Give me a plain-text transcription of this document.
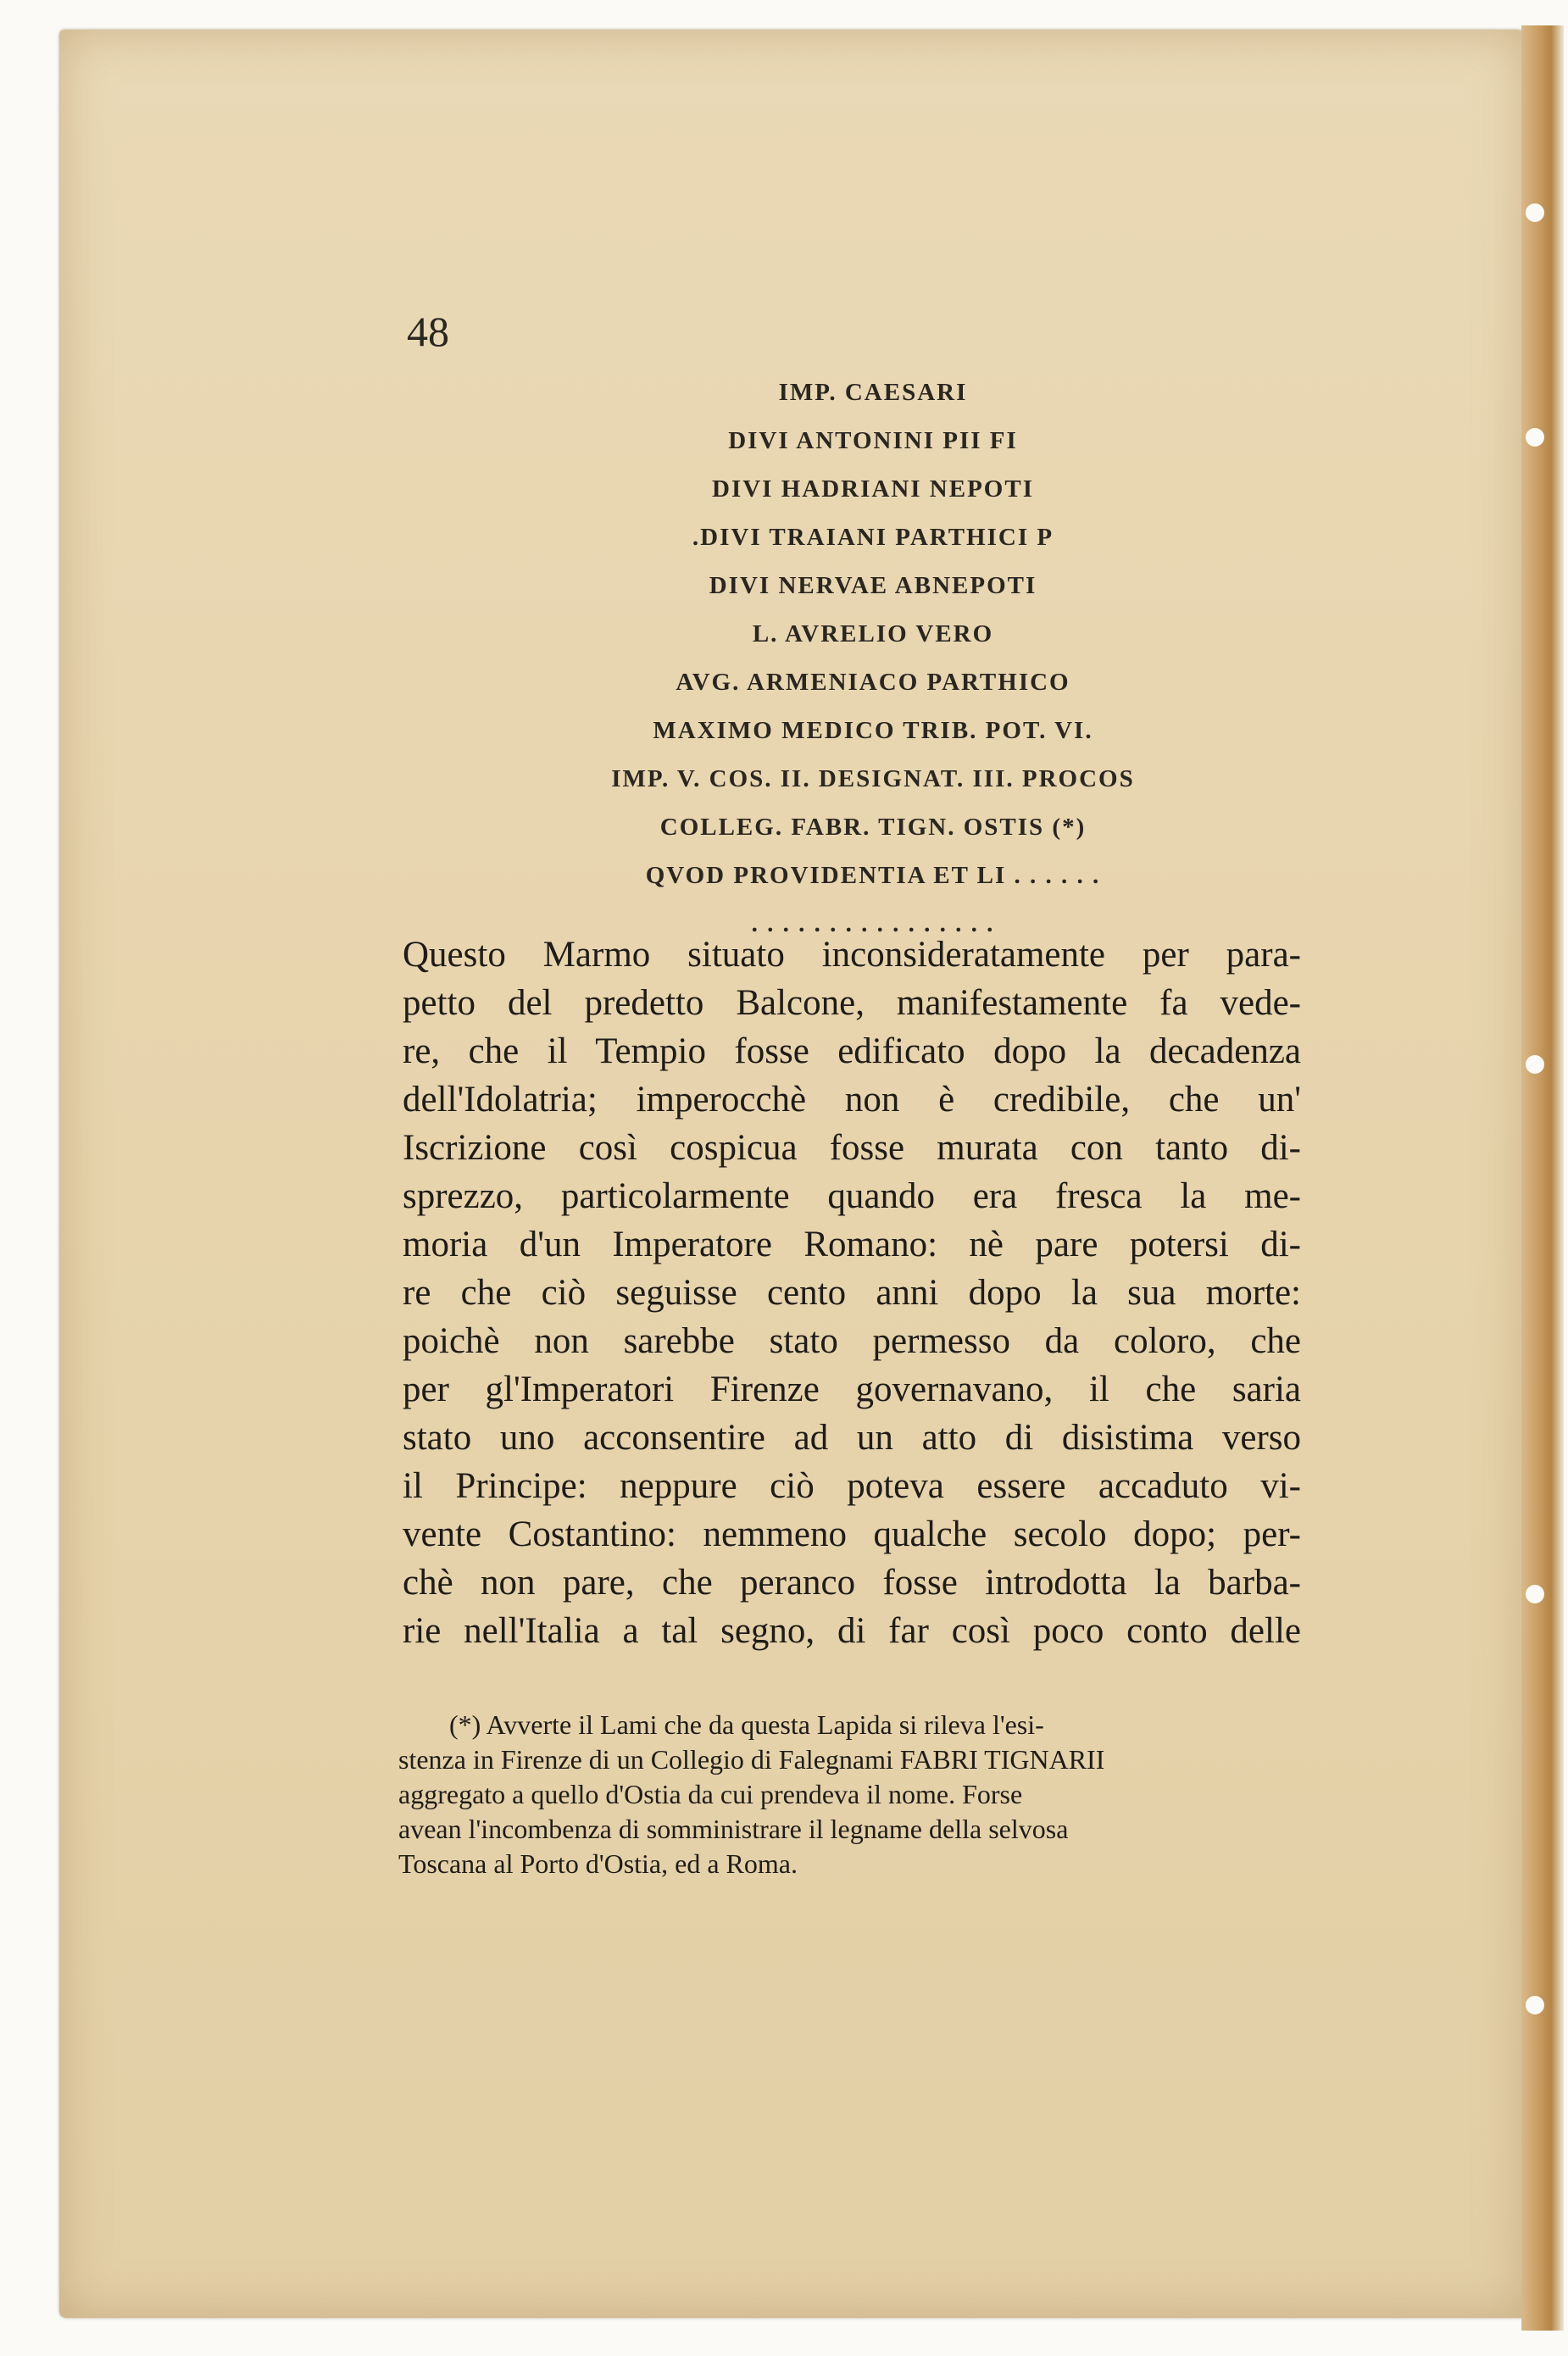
48
IMP. CAESARI
DIVI ANTONINI PII FI
DIVI HADRIANI NEPOTI
.DIVI TRAIANI PARTHICI P
DIVI NERVAE ABNEPOTI
L. AVRELIO VERO
AVG. ARMENIACO PARTHICO
MAXIMO MEDICO TRIB. POT. VI.
IMP. V. COS. II. DESIGNAT. III. PROCOS
COLLEG. FABR. TIGN. OSTIS (*)
QVOD PROVIDENTIA ET LI . . . . . .
. . . . . . . . . . . . . . . .
Questo Marmo situato inconsideratamente per para-
petto del predetto Balcone, manifestamente fa vede-
re, che il Tempio fosse edificato dopo la decadenza
dell'Idolatria; imperocchè non è credibile, che un'
Iscrizione così cospicua fosse murata con tanto di-
sprezzo, particolarmente quando era fresca la me-
moria d'un Imperatore Romano: nè pare potersi di-
re che ciò seguisse cento anni dopo la sua morte:
poichè non sarebbe stato permesso da coloro, che
per gl'Imperatori Firenze governavano, il che saria
stato uno acconsentire ad un atto di disistima verso
il Principe: neppure ciò poteva essere accaduto vi-
vente Costantino: nemmeno qualche secolo dopo; per-
chè non pare, che peranco fosse introdotta la barba-
rie nell'Italia a tal segno, di far così poco conto delle
(*) Avverte il Lami che da questa Lapida si rileva l'esi-
stenza in Firenze di un Collegio di Falegnami FABRI TIGNARII
aggregato a quello d'Ostia da cui prendeva il nome. Forse
avean l'incombenza di somministrare il legname della selvosa
Toscana al Porto d'Ostia, ed a Roma.
